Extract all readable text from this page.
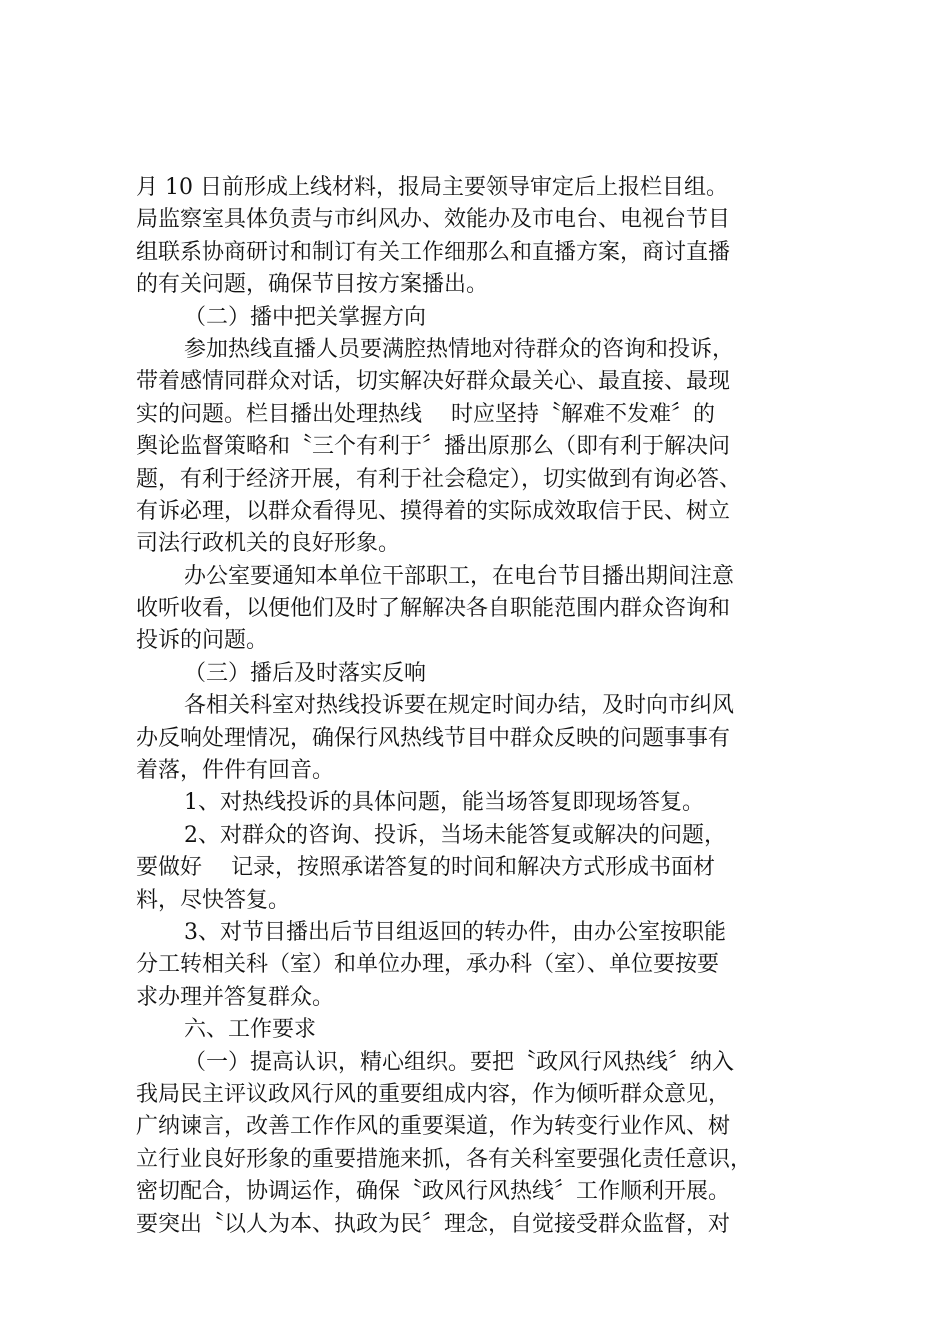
月 10 日前形成上线材料，报局主要领导审定后上报栏目组。
局监察室具体负责与市纠风办、效能办及市电台、电视台节目
组联系协商研讨和制订有关工作细那么和直播方案，商讨直播
的有关问题，确保节目按方案播出。
（二）播中把关掌握方向
参加热线直播人员要满腔热情地对待群众的咨询和投诉，
带着感情同群众对话，切实解决好群众最关心、最直接、最现
实的问题。栏目播出处理热线　 时应坚持〝解难不发难〞的
舆论监督策略和〝三个有利于〞播出原那么（即有利于解决问
题，有利于经济开展，有利于社会稳定），切实做到有询必答、
有诉必理，以群众看得见、摸得着的实际成效取信于民、树立
司法行政机关的良好形象。
办公室要通知本单位干部职工，在电台节目播出期间注意
收听收看，以便他们及时了解解决各自职能范围内群众咨询和
投诉的问题。
（三）播后及时落实反响
各相关科室对热线投诉要在规定时间办结，及时向市纠风
办反响处理情况，确保行风热线节目中群众反映的问题事事有
着落，件件有回音。
1、对热线投诉的具体问题，能当场答复即现场答复。
2、对群众的咨询、投诉，当场未能答复或解决的问题，
要做好　 记录，按照承诺答复的时间和解决方式形成书面材
料，尽快答复。
3、对节目播出后节目组返回的转办件，由办公室按职能
分工转相关科（室）和单位办理，承办科（室）、单位要按要
求办理并答复群众。
六、工作要求
（一）提高认识，精心组织。要把〝政风行风热线〞纳入
我局民主评议政风行风的重要组成内容，作为倾听群众意见，
广纳谏言，改善工作作风的重要渠道，作为转变行业作风、树
立行业良好形象的重要措施来抓，各有关科室要强化责任意识，
密切配合，协调运作，确保〝政风行风热线〞工作顺利开展。
要突出〝以人为本、执政为民〞理念，自觉接受群众监督，对
